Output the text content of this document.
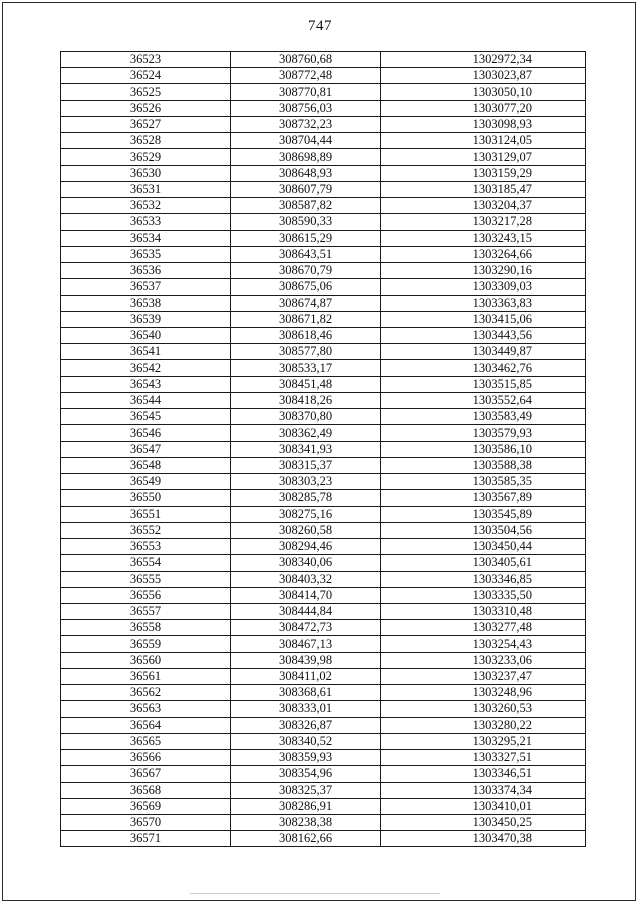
747
36523	308760,68	1302972,34
36524	308772,48	1303023,87
36525	308770,81	1303050,10
36526	308756,03	1303077,20
36527	308732,23	1303098,93
36528	308704,44	1303124,05
36529	308698,89	1303129,07
36530	308648,93	1303159,29
36531	308607,79	1303185,47
36532	308587,82	1303204,37
36533	308590,33	1303217,28
36534	308615,29	1303243,15
36535	308643,51	1303264,66
36536	308670,79	1303290,16
36537	308675,06	1303309,03
36538	308674,87	1303363,83
36539	308671,82	1303415,06
36540	308618,46	1303443,56
36541	308577,80	1303449,87
36542	308533,17	1303462,76
36543	308451,48	1303515,85
36544	308418,26	1303552,64
36545	308370,80	1303583,49
36546	308362,49	1303579,93
36547	308341,93	1303586,10
36548	308315,37	1303588,38
36549	308303,23	1303585,35
36550	308285,78	1303567,89
36551	308275,16	1303545,89
36552	308260,58	1303504,56
36553	308294,46	1303450,44
36554	308340,06	1303405,61
36555	308403,32	1303346,85
36556	308414,70	1303335,50
36557	308444,84	1303310,48
36558	308472,73	1303277,48
36559	308467,13	1303254,43
36560	308439,98	1303233,06
36561	308411,02	1303237,47
36562	308368,61	1303248,96
36563	308333,01	1303260,53
36564	308326,87	1303280,22
36565	308340,52	1303295,21
36566	308359,93	1303327,51
36567	308354,96	1303346,51
36568	308325,37	1303374,34
36569	308286,91	1303410,01
36570	308238,38	1303450,25
36571	308162,66	1303470,38
